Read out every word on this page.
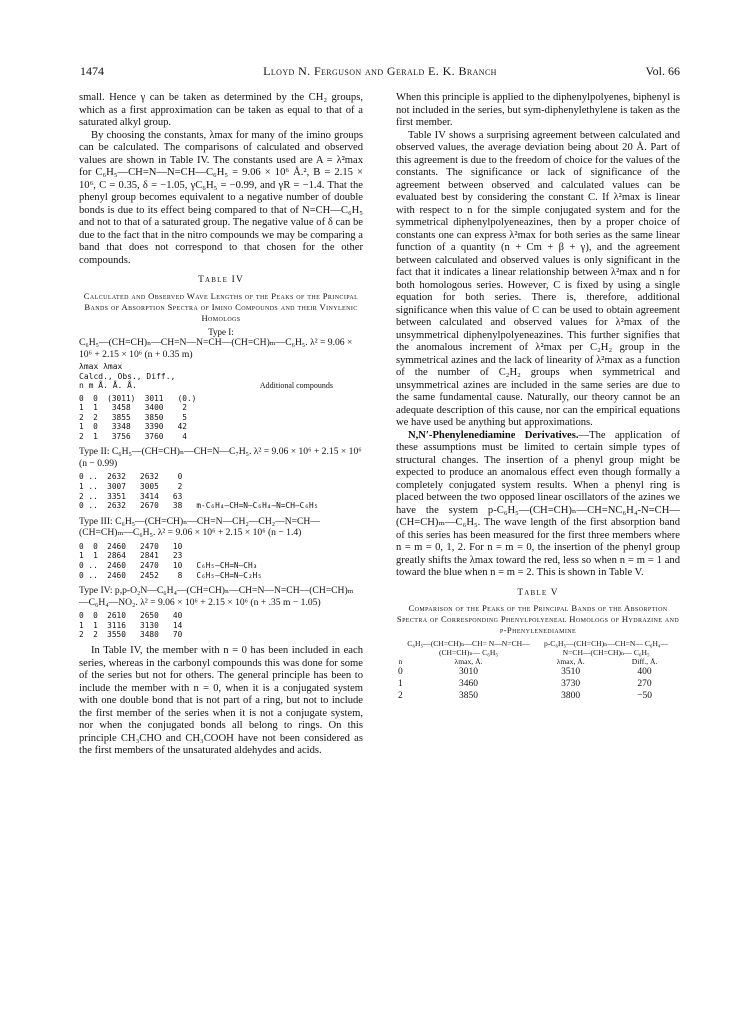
1474	Lloyd N. Ferguson and Gerald E. K. Branch	Vol. 66

small. Hence γ can be taken as determined by the CH₂ groups, which as a first approximation can be taken as equal to that of a saturated alkyl group.

By choosing the constants, λmax for many of the imino groups can be calculated. The comparisons of calculated and observed values are shown in Table IV. The constants used are A = λ²max for C₆H₅—CH=N—N=CH—C₆H₅ = 9.06 × 10⁶ Å.², B = 2.15 × 10⁶, C = 0.35, δ = −1.05, γC₆H₅ = −0.99, and γR = −1.4. That the phenyl group becomes equivalent to a negative number of double bonds is due to its effect being compared to that of N=CH—C₆H₅ and not to that of a saturated group. The negative value of δ can be due to the fact that in the nitro compounds we may be comparing a band that does not correspond to that chosen for the other compounds.

Table IV
Calculated and Observed Wave Lengths of the Peaks of the Principal Bands of Absorption Spectra of Imino Compounds and their Vinylenic Homologs
Type I:
C₆H₅—(CH=CH)ₙ—CH=N—N=CH—(CH=CH)ₘ—C₆H₅. λ² = 9.06 × 10⁶ + 2.15 × 10⁶ (n + 0.35 m)
λmax λmax
Calcd., Obs., Diff.,
n m Å. Å. Å.	Additional compounds
0  0  (3011)  3011   (0.)
1  1   3458   3400    2
2  2   3855   3850    5
1  0   3348   3390   42
2  1   3756   3760    4
Type II: C₆H₅—(CH=CH)ₙ—CH=N—C₇H₅. λ² = 9.06 × 10⁶ + 2.15 × 10⁶ (n − 0.99)
0 ..  2632   2632    0
1 ..  3007   3005    2
2 ..  3351   3414   63
0 ..  2632   2670   38   m-C₆H₄—CH=N—C₆H₄—N=CH—C₆H₅
Type III: C₆H₅—(CH=CH)ₙ—CH=N—CH₂—CH₂—N=CH—(CH=CH)ₘ—C₆H₅. λ² = 9.06 × 10⁶ + 2.15 × 10⁶ (n − 1.4)
0  0  2460   2470   10
1  1  2864   2841   23
0 ..  2460   2470   10   C₆H₅—CH=N—CH₃
0 ..  2460   2452    8   C₆H₅—CH=N—C₂H₅
Type IV: p,p-O₂N—C₆H₄—(CH=CH)ₙ—CH=N—N=CH—(CH=CH)ₘ—C₆H₄—NO₂. λ² = 9.06 × 10⁶ + 2.15 × 10⁶ (n + .35 m − 1.05)
0  0  2610   2650   40
1  1  3116   3130   14
2  2  3550   3480   70

In Table IV, the member with n = 0 has been included in each series, whereas in the carbonyl compounds this was done for some of the series but not for others. The general principle has been to include the member with n = 0, when it is a conjugated system with one double bond that is not part of a ring, but not to include the first member of the series when it is not a conjugate system, nor when the conjugated bonds all belong to rings. On this principle CH₃CHO and CH₃COOH have not been considered as the first members of the unsaturated aldehydes and acids.

When this principle is applied to the diphenylpolyenes, biphenyl is not included in the series, but sym-diphenylethylene is taken as the first member.

Table IV shows a surprising agreement between calculated and observed values, the average deviation being about 20 Å. Part of this agreement is due to the freedom of choice for the values of the constants. The significance or lack of significance of the agreement between observed and calculated values can be evaluated best by considering the constant C. If λ²max is linear with respect to n for the simple conjugated system and for the symmetrical diphenylpolyeneazines, then by a proper choice of constants one can express λ²max for both series as the same linear function of a quantity (n + Cm + β + γ), and the agreement between calculated and observed values is only significant in the fact that it indicates a linear relationship between λ²max and n for both homologous series. However, C is fixed by using a single equation for both series. There is, therefore, additional significance when this value of C can be used to obtain agreement between calculated and observed values for λ²max of the unsymmetrical diphenylpolyeneazines. This further signifies that the anomalous increment of λ²max per C₂H₂ group in the symmetrical azines and the lack of linearity of λ²max as a function of the number of C₂H₂ groups when symmetrical and unsymmetrical azines are included in the same series are due to the same fundamental cause. Naturally, our theory cannot be an adequate description of this cause, nor can the empirical equations we have used be anything but approximations.

N,N′-Phenylenediamine Derivatives.—The application of these assumptions must be limited to certain simple types of structural changes. The insertion of a phenyl group might be expected to produce an anomalous effect even though formally a completely conjugated system results. When a phenyl ring is placed between the two opposed linear oscillators of the azines we have the system p-C₆H₅—(CH=CH)ₙ—CH=NC₆H₄-N=CH—(CH=CH)ₘ—C₆H₅. The wave length of the first absorption band of this series has been measured for the first three members where n = m = 0, 1, 2. For n = m = 0, the insertion of the phenyl group greatly shifts the λmax toward the red, less so when n = m = 1 and toward the blue when n = m = 2. This is shown in Table V.

Table V
Comparison of the Peaks of the Principal Bands of the Absorption Spectra of Corresponding Phenylpolyeneal Homologs of Hydrazine and p-Phenylenediamine
	C₆H₅—(CH=CH)ₙ—CH= N—N=CH—(CH=CH)ₙ— C₆H₅	p-C₆H₅—(CH=CH)ₙ—CH=N— C₆H₄—N=CH—(CH=CH)ₙ— C₆H₅	
n	λmax, Å.	λmax, Å.	Diff., Å.
0	3010	3510	400
1	3460	3730	270
2	3850	3800	−50
